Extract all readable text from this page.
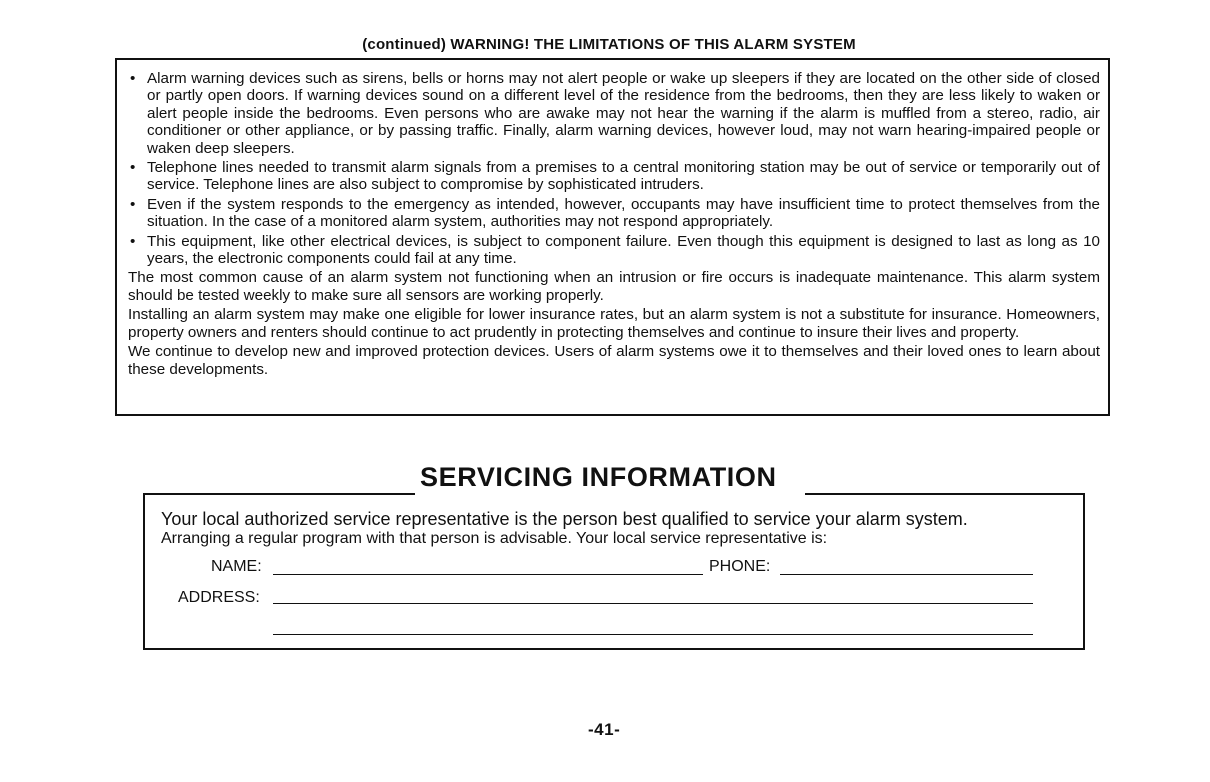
(continued) WARNING! THE LIMITATIONS OF THIS ALARM SYSTEM
• Alarm warning devices such as sirens, bells or horns may not alert people or wake up sleepers if they are located on the other side of closed or partly open doors. If warning devices sound on a different level of the residence from the bedrooms, then they are less likely to waken or alert people inside the bedrooms. Even persons who are awake may not hear the warning if the alarm is muffled from a stereo, radio, air conditioner or other appliance, or by passing traffic. Finally, alarm warning devices, however loud, may not warn hearing-impaired people or waken deep sleepers.
• Telephone lines needed to transmit alarm signals from a premises to a central monitoring station may be out of service or temporarily out of service. Telephone lines are also subject to compromise by sophisticated intruders.
• Even if the system responds to the emergency as intended, however, occupants may have insufficient time to protect themselves from the situation. In the case of a monitored alarm system, authorities may not respond appropriately.
• This equipment, like other electrical devices, is subject to component failure. Even though this equipment is designed to last as long as 10 years, the electronic components could fail at any time.

The most common cause of an alarm system not functioning when an intrusion or fire occurs is inadequate maintenance. This alarm system should be tested weekly to make sure all sensors are working properly.

Installing an alarm system may make one eligible for lower insurance rates, but an alarm system is not a substitute for insurance. Homeowners, property owners and renters should continue to act prudently in protecting themselves and continue to insure their lives and property.

We continue to develop new and improved protection devices. Users of alarm systems owe it to themselves and their loved ones to learn about these developments.

Your local authorized service representative is the person best qualified to service your alarm system.
Arranging a regular program with that person is advisable. Your local service representative is:
NAME:	PHONE:
ADDRESS:
SERVICING INFORMATION
-41-
